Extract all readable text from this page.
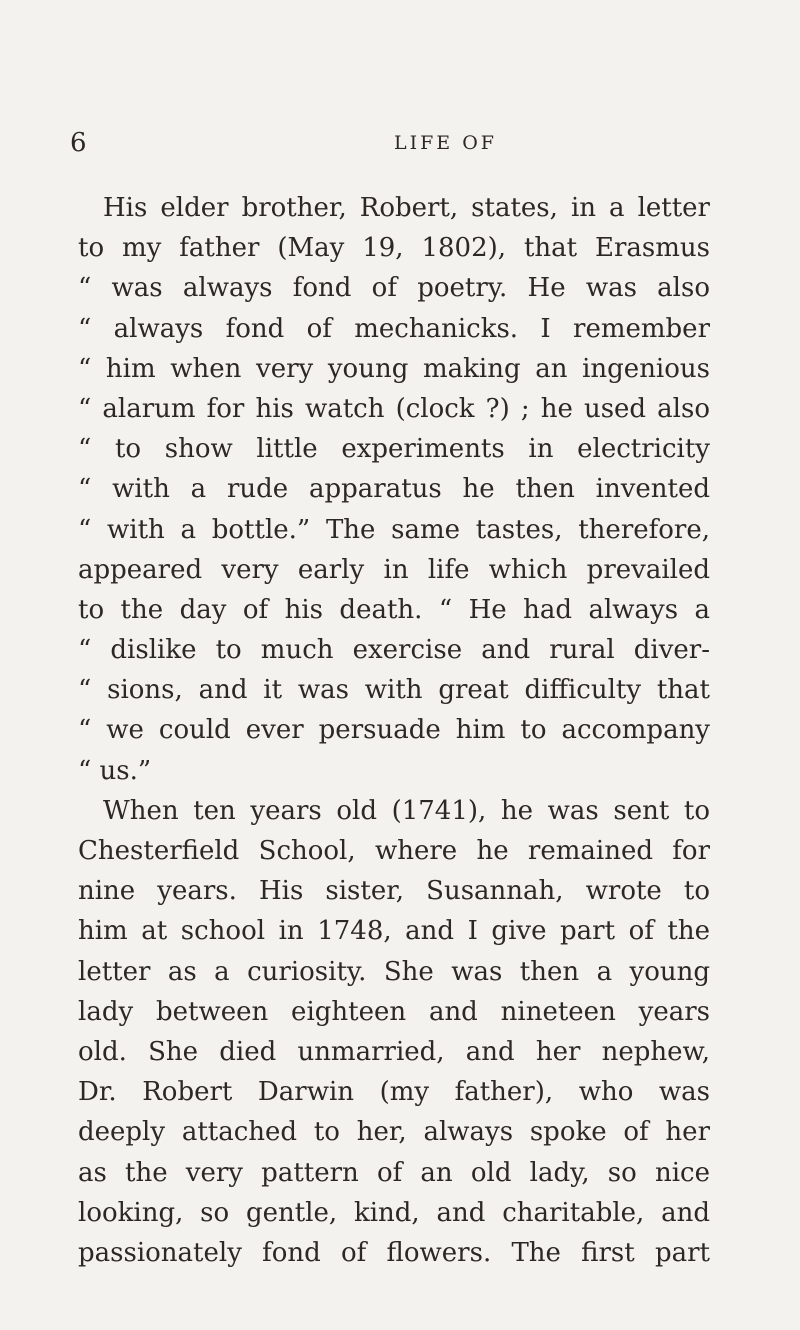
6	LIFE OF
His elder brother, Robert, states, in a letter
to my father (May 19, 1802), that Erasmus
“ was always fond of poetry. He was also
“ always fond of mechanicks. I remember
“ him when very young making an ingenious
“ alarum for his watch (clock ?) ; he used also
“ to show little experiments in electricity
“ with a rude apparatus he then invented
“ with a bottle.” The same tastes, therefore,
appeared very early in life which prevailed
to the day of his death. “ He had always a
“ dislike to much exercise and rural diver-
“ sions, and it was with great difficulty that
“ we could ever persuade him to accompany
“ us.”
When ten years old (1741), he was sent to
Chesterfield School, where he remained for
nine years. His sister, Susannah, wrote to
him at school in 1748, and I give part of the
letter as a curiosity. She was then a young
lady between eighteen and nineteen years
old. She died unmarried, and her nephew,
Dr. Robert Darwin (my father), who was
deeply attached to her, always spoke of her
as the very pattern of an old lady, so nice
looking, so gentle, kind, and charitable, and
passionately fond of flowers. The first part
